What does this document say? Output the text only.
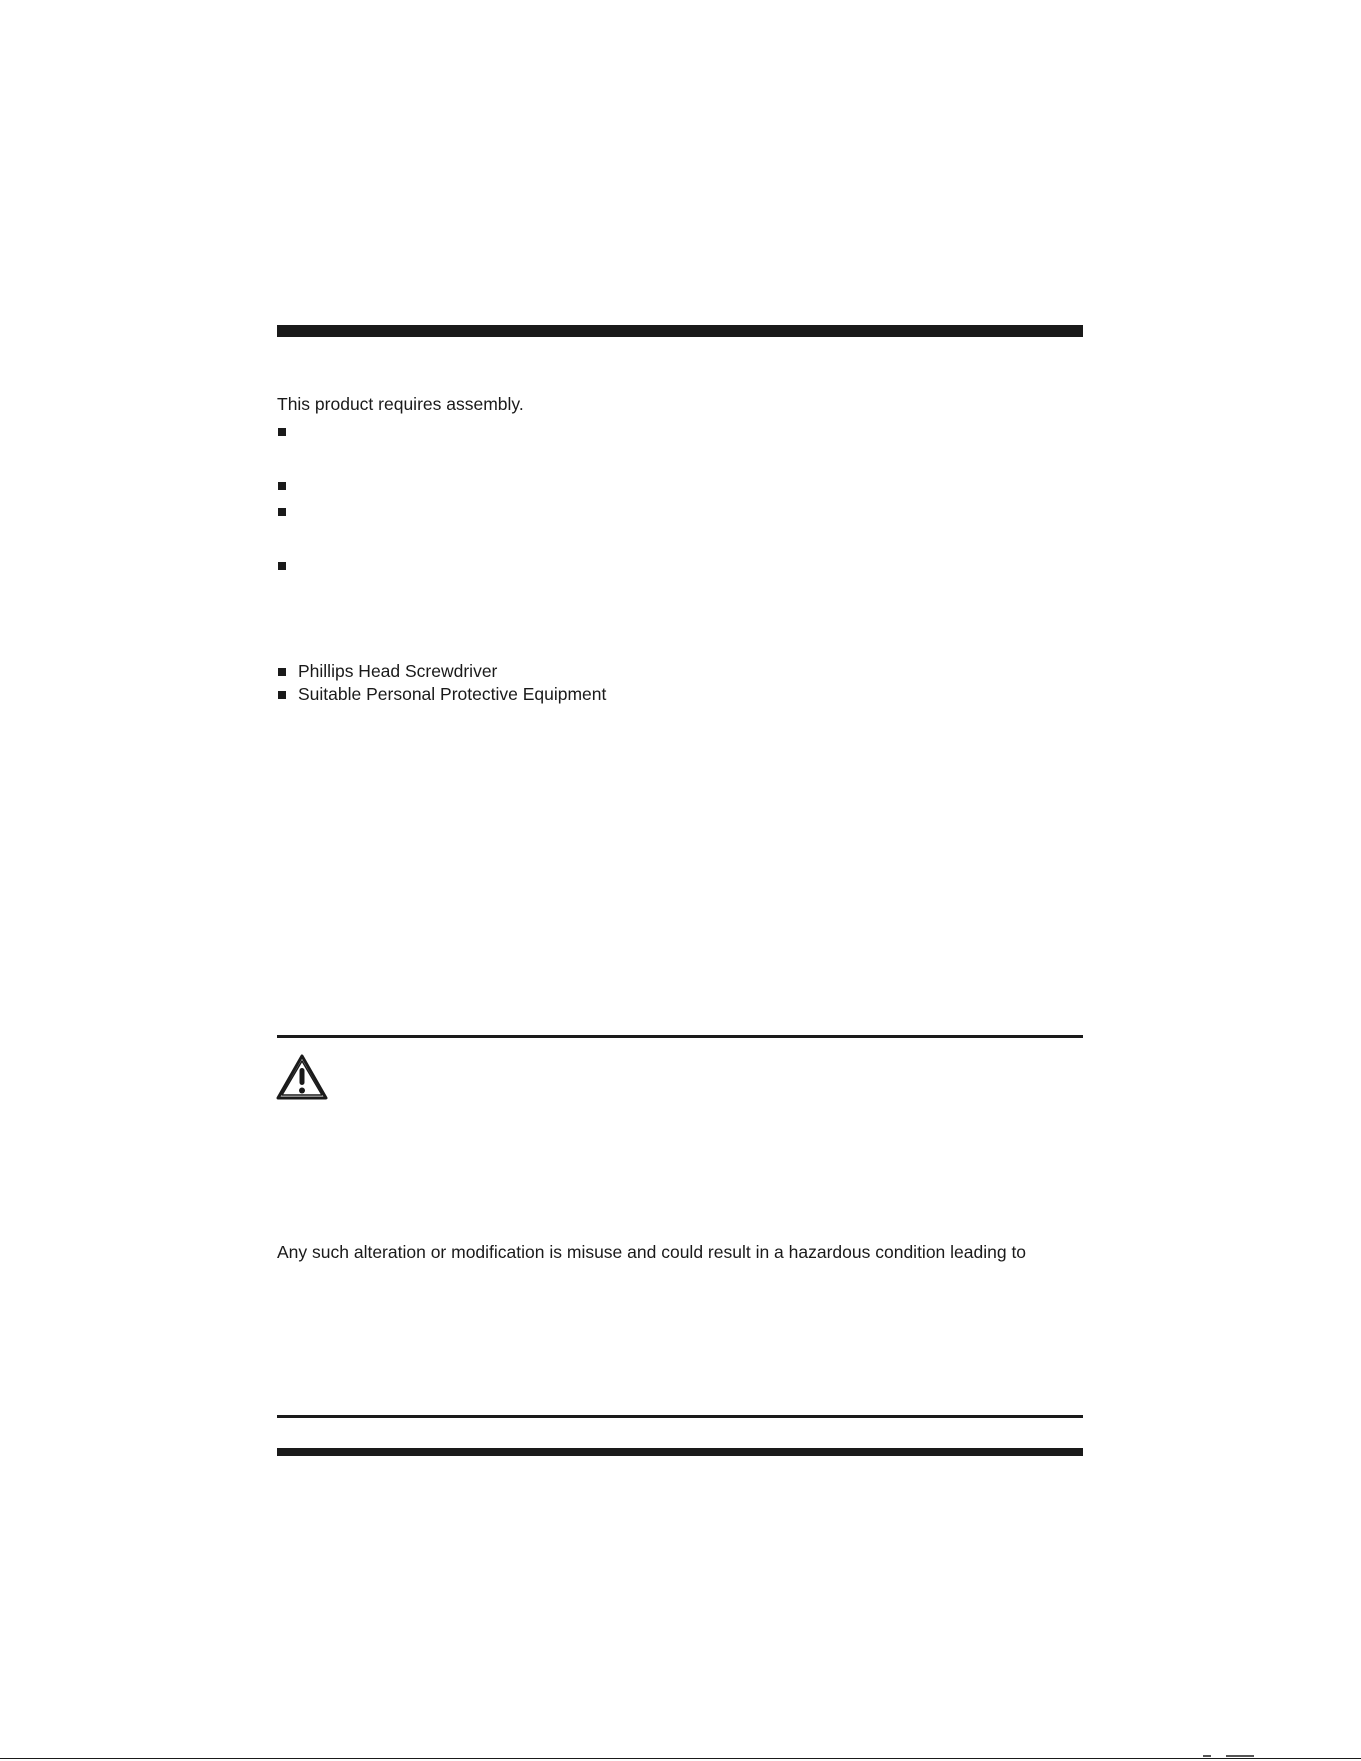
This product requires assembly.
Phillips Head Screwdriver
Suitable Personal Protective Equipment
Any such alteration or modification is misuse and could result in a hazardous condition leading to
